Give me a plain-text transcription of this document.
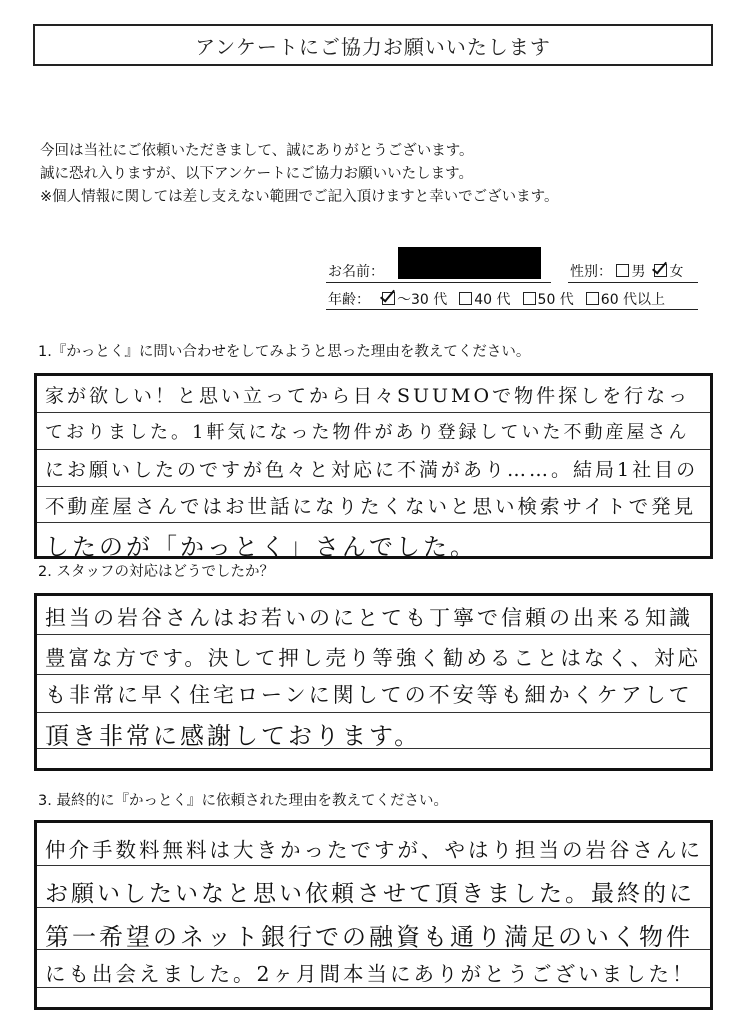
アンケートにご協力お願いいたします
今回は当社にご依頼いただきまして、誠にありがとうございます。
誠に恐れ入りますが、以下アンケートにご協力お願いいたします。
※個人情報に関しては差し支えない範囲でご記入頂けますと幸いでございます。
お名前：	性別： 男 女
年齢：	～30 代	40 代	50 代	60 代以上
1.『かっとく』に問い合わせをしてみようと思った理由を教えてください。
家が欲しい！と思い立ってから日々SUUMOで物件探しを行なっ
ておりました。1軒気になった物件があり登録していた不動産屋さん
にお願いしたのですが色々と対応に不満があり……。結局1社目の
不動産屋さんではお世話になりたくないと思い検索サイトで発見
したのが「かっとく」さんでした。
2. スタッフの対応はどうでしたか？
担当の岩谷さんはお若いのにとても丁寧で信頼の出来る知識
豊富な方です。決して押し売り等強く勧めることはなく、対応
も非常に早く住宅ローンに関しての不安等も細かくケアして
頂き非常に感謝しております。
3. 最終的に『かっとく』に依頼された理由を教えてください。
仲介手数料無料は大きかったですが、やはり担当の岩谷さんに
お願いしたいなと思い依頼させて頂きました。最終的に
第一希望のネット銀行での融資も通り満足のいく物件
にも出会えました。2ヶ月間本当にありがとうございました！
